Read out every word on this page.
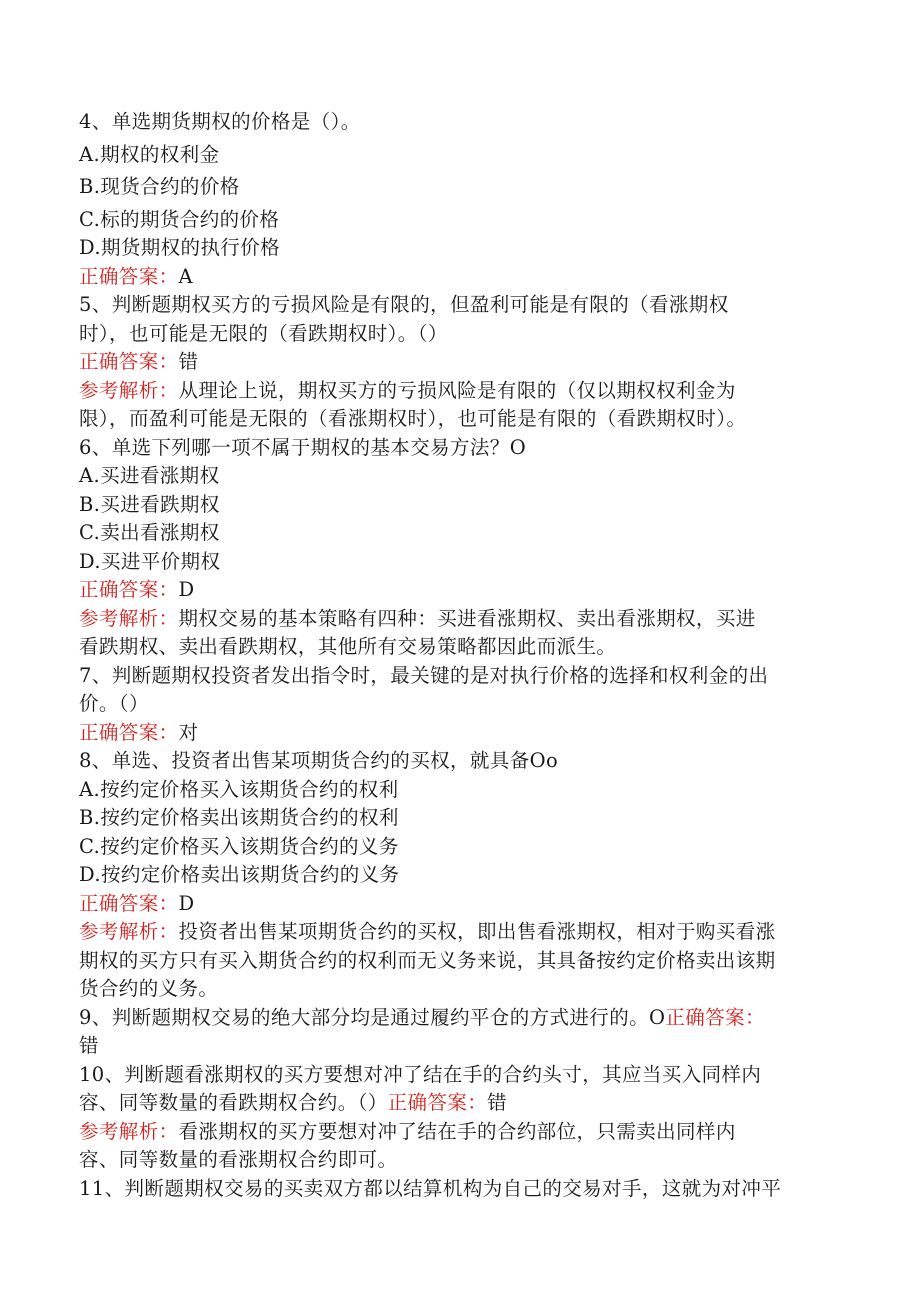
4、单选期货期权的价格是（）。
A.期权的权利金
B.现货合约的价格
C.标的期货合约的价格
D.期货期权的执行价格
正确答案：A
5、判断题期权买方的亏损风险是有限的，但盈利可能是有限的（看涨期权
时），也可能是无限的（看跌期权时）。（）
正确答案：错
参考解析：从理论上说，期权买方的亏损风险是有限的（仅以期权权利金为
限），而盈利可能是无限的（看涨期权时），也可能是有限的（看跌期权时）。
6、单选下列哪一项不属于期权的基本交易方法？O
A.买进看涨期权
B.买进看跌期权
C.卖出看涨期权
D.买进平价期权
正确答案：D
参考解析：期权交易的基本策略有四种：买进看涨期权、卖出看涨期权，买进
看跌期权、卖出看跌期权，其他所有交易策略都因此而派生。
7、判断题期权投资者发出指令时，最关键的是对执行价格的选择和权利金的出
价。（）
正确答案：对
8、单选、投资者出售某项期货合约的买权，就具备Oo
A.按约定价格买入该期货合约的权利
B.按约定价格卖出该期货合约的权利
C.按约定价格买入该期货合约的义务
D.按约定价格卖出该期货合约的义务
正确答案：D
参考解析：投资者出售某项期货合约的买权，即出售看涨期权，相对于购买看涨
期权的买方只有买入期货合约的权利而无义务来说，其具备按约定价格卖出该期
货合约的义务。
9、判断题期权交易的绝大部分均是通过履约平仓的方式进行的。O正确答案：
错
10、判断题看涨期权的买方要想对冲了结在手的合约头寸，其应当买入同样内
容、同等数量的看跌期权合约。（）正确答案：错
参考解析：看涨期权的买方要想对冲了结在手的合约部位，只需卖出同样内
容、同等数量的看涨期权合约即可。
11、判断题期权交易的买卖双方都以结算机构为自己的交易对手，这就为对冲平
